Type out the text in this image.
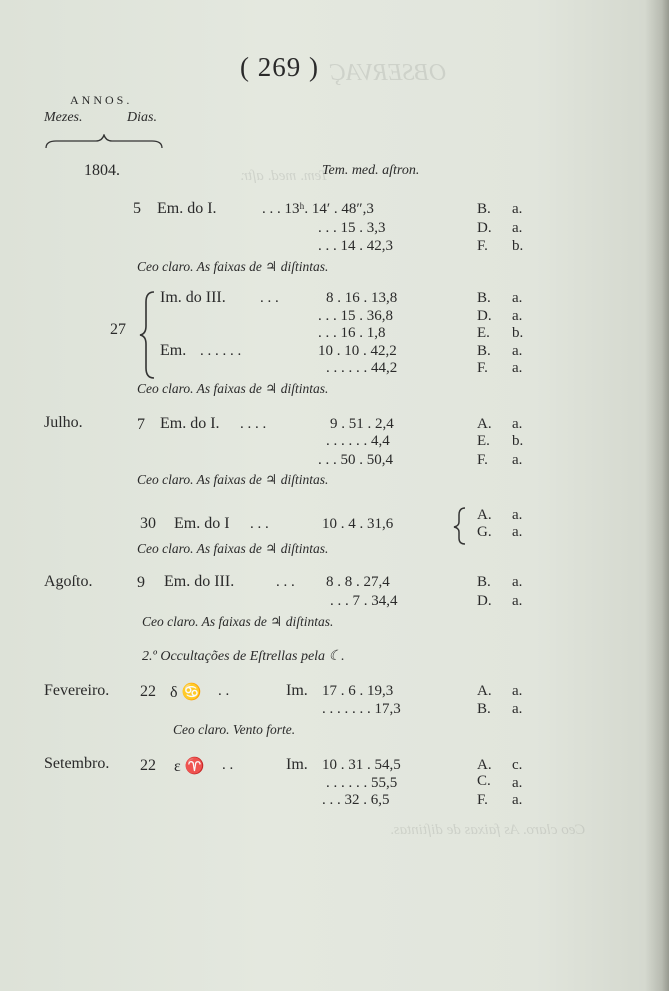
OBSERVAÇ
Tem. med. aſtr.
Ceo claro. As faixas de diſtintas.
( 269 )
ANNOS.
Mezes.	Dias.
1804.	Tem. med. aſtron.
5 Em. do I.	. . . 13ʰ. 14′ . 48″,3	B. a.
. . . 15 . 3,3	D. a.
. . . 14 . 42,3	F. b.
Ceo claro. As faixas de ♃ diſtintas.
27
Im. do III. . . .	8 . 16 . 13,8	B. a.
. . . 15 . 36,8	D. a.
. . . 16 . 1,8	E. b.
Em. . . . . . .	10 . 10 . 42,2	B. a.
. . . . . . 44,2	F. a.
Ceo claro. As faixas de ♃ diſtintas.
Julho.	7 Em. do I. . . . .	9 . 51 . 2,4	A. a.
. . . . . . 4,4	E. b.
. . . 50 . 50,4	F. a.
Ceo claro. As faixas de ♃ diſtintas.
30 Em. do I . . .	10 . 4 . 31,6
A. a.
G. a.
Ceo claro. As faixas de ♃ diſtintas.
Agoſto.	9 Em. do III.	. . . 8 . 8 . 27,4	B. a.
. . . 7 . 34,4	D. a.
Ceo claro. As faixas de ♃ diſtintas.
2.º Occultações de Eſtrellas pela ☾.
Fevereiro. 22 δ ♋ . .	Im. 17 . 6 . 19,3	A. a.
. . . . . . . 17,3	B. a.
Ceo claro. Vento forte.
Setembro. 22 ε ♈ . .	Im. 10 . 31 . 54,5	A. c.
. . . . . . 55,5	C. a.
. . . 32 . 6,5	F. a.
